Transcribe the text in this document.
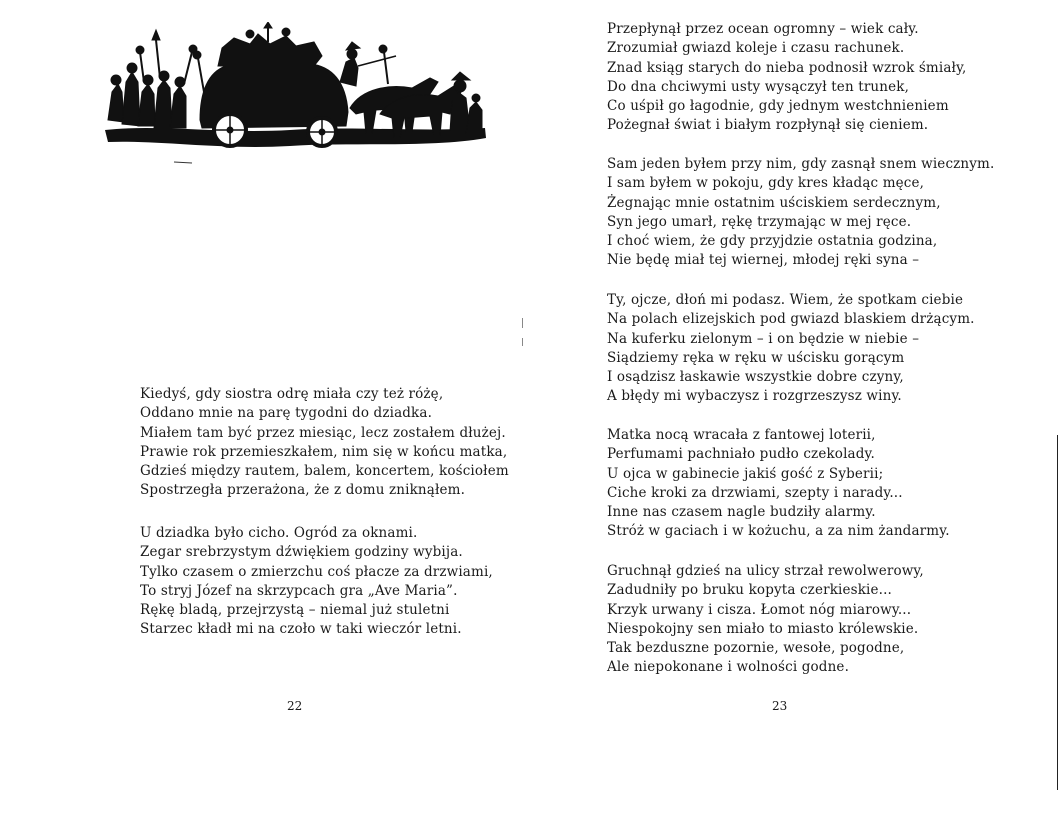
Kiedyś, gdy siostra odrę miała czy też różę,
Oddano mnie na parę tygodni do dziadka.
Miałem tam być przez miesiąc, lecz zostałem dłużej.
Prawie rok przemieszkałem, nim się w końcu matka,
Gdzieś między rautem, balem, koncertem, kościołem
Spostrzegła przerażona, że z domu zniknąłem.
U dziadka było cicho. Ogród za oknami.
Zegar srebrzystym dźwiękiem godziny wybija.
Tylko czasem o zmierzchu coś płacze za drzwiami,
To stryj Józef na skrzypcach gra „Ave Maria”.
Rękę bladą, przejrzystą – niemal już stuletni
Starzec kładł mi na czoło w taki wieczór letni.
22
Przepłynął przez ocean ogromny – wiek cały.
Zrozumiał gwiazd koleje i czasu rachunek.
Znad ksiąg starych do nieba podnosił wzrok śmiały,
Do dna chciwymi usty wysączył ten trunek,
Co uśpił go łagodnie, gdy jednym westchnieniem
Pożegnał świat i białym rozpłynął się cieniem.
Sam jeden byłem przy nim, gdy zasnął snem wiecznym.
I sam byłem w pokoju, gdy kres kładąc męce,
Żegnając mnie ostatnim uściskiem serdecznym,
Syn jego umarł, rękę trzymając w mej ręce.
I choć wiem, że gdy przyjdzie ostatnia godzina,
Nie będę miał tej wiernej, młodej ręki syna –
Ty, ojcze, dłoń mi podasz. Wiem, że spotkam ciebie
Na polach elizejskich pod gwiazd blaskiem drżącym.
Na kuferku zielonym – i on będzie w niebie –
Siądziemy ręka w ręku w uścisku gorącym
I osądzisz łaskawie wszystkie dobre czyny,
A błędy mi wybaczysz i rozgrzeszysz winy.
Matka nocą wracała z fantowej loterii,
Perfumami pachniało pudło czekolady.
U ojca w gabinecie jakiś gość z Syberii;
Ciche kroki za drzwiami, szepty i narady...
Inne nas czasem nagle budziły alarmy.
Stróż w gaciach i w kożuchu, a za nim żandarmy.
Gruchnął gdzieś na ulicy strzał rewolwerowy,
Zadudniły po bruku kopyta czerkieskie...
Krzyk urwany i cisza. Łomot nóg miarowy...
Niespokojny sen miało to miasto królewskie.
Tak bezduszne pozornie, wesołe, pogodne,
Ale niepokonane i wolności godne.
23
